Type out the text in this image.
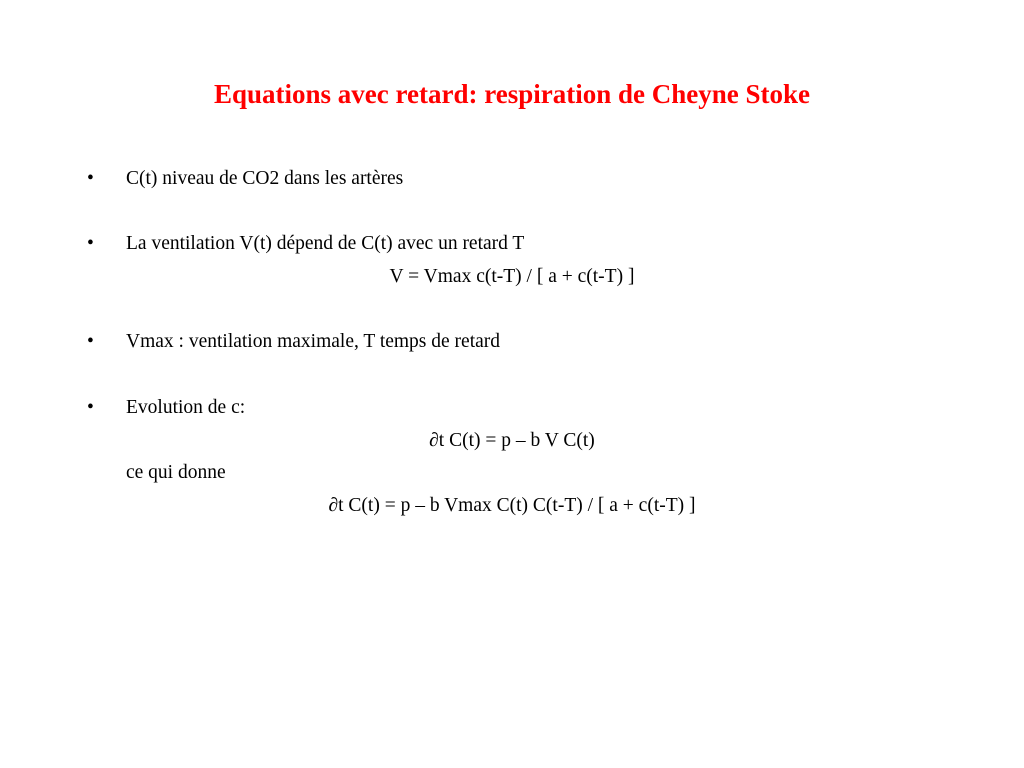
Equations avec retard: respiration de Cheyne Stoke
• C(t) niveau de CO2 dans les artères
• La ventilation V(t) dépend de C(t) avec un retard T
V = Vmax c(t-T) / [ a + c(t-T) ]
• Vmax : ventilation maximale, T temps de retard
• Evolution de c:
∂t C(t) = p – b V C(t)
ce qui donne
∂t C(t) = p – b Vmax C(t) C(t-T) / [ a + c(t-T) ]
